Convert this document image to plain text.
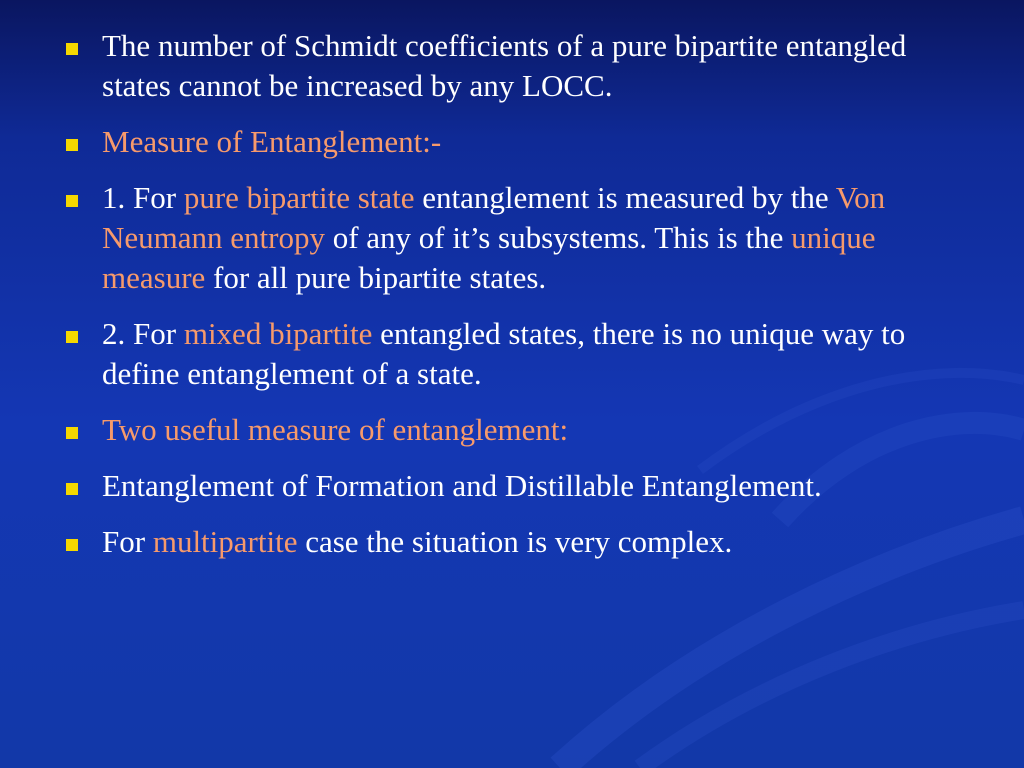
The number of Schmidt coefficients of a pure bipartite entangled states cannot be increased by any LOCC.
Measure of Entanglement:-
1. For pure bipartite state entanglement is measured by the Von Neumann entropy of any of it’s subsystems. This is the unique measure for all pure bipartite states.
2. For mixed bipartite entangled states, there is no unique way to define entanglement of a state.
Two useful measure of entanglement:
Entanglement of Formation and Distillable Entanglement.
For multipartite case the situation is very complex.
